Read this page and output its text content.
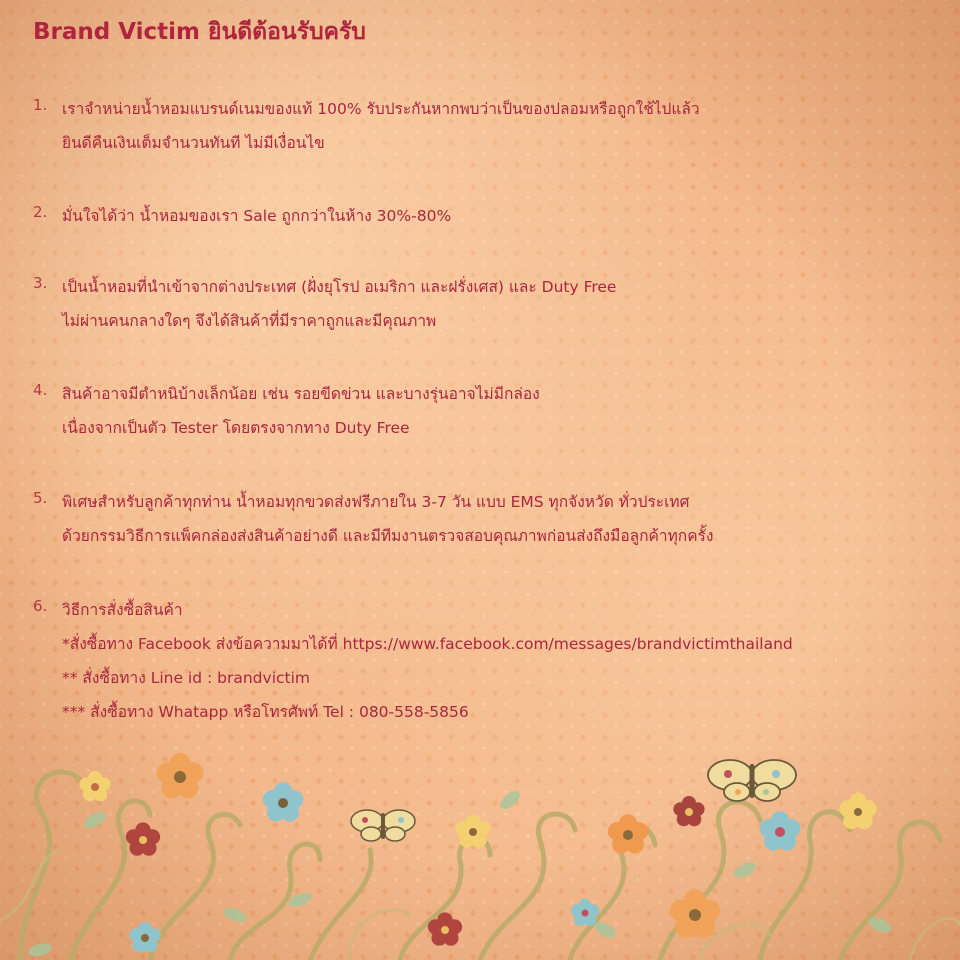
Brand Victim ยินดีต้อนรับครับ
1. เราจำหน่ายน้ำหอมแบรนด์เนมของแท้ 100% รับประกันหากพบว่าเป็นของปลอมหรือถูกใช้ไปแล้ว
ยินดีคืนเงินเต็มจำนวนทันที ไม่มีเงื่อนไข
2. มั่นใจได้ว่า น้ำหอมของเรา Sale ถูกกว่าในห้าง 30%-80%
3. เป็นน้ำหอมที่นำเข้าจากต่างประเทศ (ฝั่งยุโรป อเมริกา และฝรั่งเศส) และ Duty Free
ไม่ผ่านคนกลางใดๆ จึงได้สินค้าที่มีราคาถูกและมีคุณภาพ
4. สินค้าอาจมีตำหนิบ้างเล็กน้อย เช่น รอยขีดข่วน และบางรุ่นอาจไม่มีกล่อง
เนื่องจากเป็นตัว Tester โดยตรงจากทาง Duty Free
5. พิเศษสำหรับลูกค้าทุกท่าน น้ำหอมทุกขวดส่งฟรีภายใน 3-7 วัน แบบ EMS ทุกจังหวัด ทั่วประเทศ
ด้วยกรรมวิธีการแพ็คกล่องส่งสินค้าอย่างดี และมีทีมงานตรวจสอบคุณภาพก่อนส่งถึงมือลูกค้าทุกครั้ง
6. วิธีการสั่งซื้อสินค้า
*สั่งซื้อทาง Facebook ส่งข้อความมาได้ที่ https://www.facebook.com/messages/brandvictimthailand
** สั่งซื้อทาง Line id : brandvictim
*** สั่งซื้อทาง Whatapp หรือโทรศัพท์ Tel : 080-558-5856
